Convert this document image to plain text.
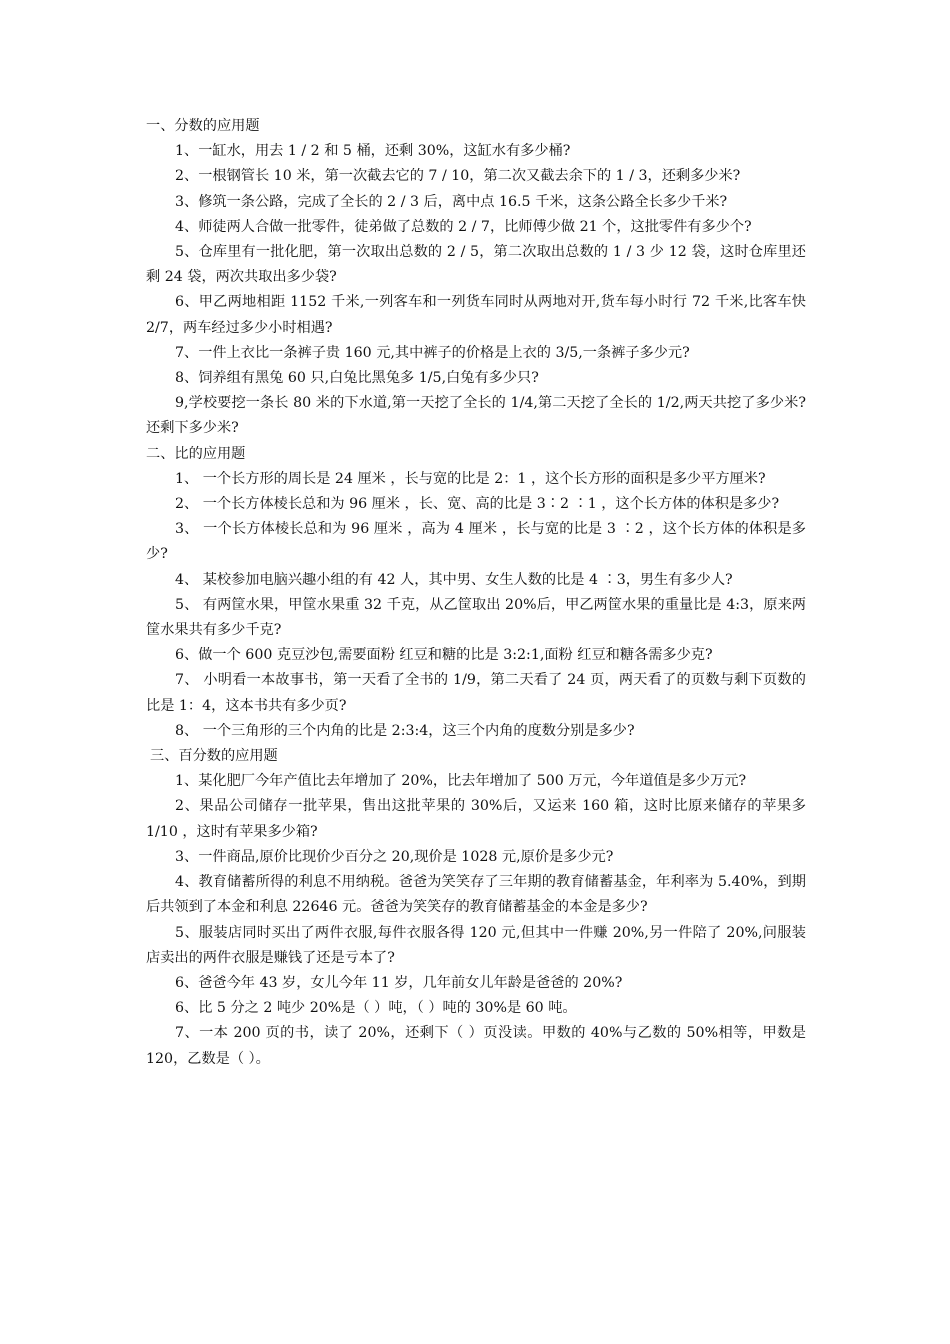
一、分数的应用题

1、一缸水，用去 1 / 2 和 5 桶，还剩 30%，这缸水有多少桶?

2、一根钢管长 10 米，第一次截去它的 7 / 10，第二次又截去余下的 1 / 3，还剩多少米?

3、修筑一条公路，完成了全长的 2 / 3 后，离中点 16.5 千米，这条公路全长多少千米?

4、师徒两人合做一批零件，徒弟做了总数的 2 / 7，比师傅少做 21 个，这批零件有多少个?

5、仓库里有一批化肥，第一次取出总数的 2 / 5，第二次取出总数的 1 / 3 少 12 袋，这时仓库里还剩 24 袋，两次共取出多少袋?

6、甲乙两地相距 1152 千米,一列客车和一列货车同时从两地对开,货车每小时行 72 千米,比客车快 2/7，两车经过多少小时相遇?

7、一件上衣比一条裤子贵 160 元,其中裤子的价格是上衣的 3/5,一条裤子多少元?

8、饲养组有黑兔 60 只,白兔比黑兔多 1/5,白兔有多少只?

9,学校要挖一条长 80 米的下水道,第一天挖了全长的 1/4,第二天挖了全长的 1/2,两天共挖了多少米?还剩下多少米?

二、比的应用题

1、 一个长方形的周长是 24 厘米 ，长与宽的比是 2：1 ，这个长方形的面积是多少平方厘米?

2、 一个长方体棱长总和为 96 厘米 ，长、宽、高的比是 3∶2 ∶1 ，这个长方体的体积是多少?

3、 一个长方体棱长总和为 96 厘米 ，高为 4 厘米 ，长与宽的比是 3 ∶2 ，这个长方体的体积是多少?

4、 某校参加电脑兴趣小组的有 42 人，其中男、女生人数的比是 4 ∶3，男生有多少人?

5、 有两筐水果，甲筐水果重 32 千克，从乙筐取出 20%后，甲乙两筐水果的重量比是 4:3，原来两筐水果共有多少千克?

6、做一个 600 克豆沙包,需要面粉 红豆和糖的比是 3:2:1,面粉 红豆和糖各需多少克?

7、 小明看一本故事书，第一天看了全书的 1/9，第二天看了 24 页，两天看了的页数与剩下页数的比是 1：4，这本书共有多少页?

8、 一个三角形的三个内角的比是 2:3:4，这三个内角的度数分别是多少?

三、百分数的应用题

1、某化肥厂今年产值比去年增加了 20%，比去年增加了 500 万元，今年道值是多少万元?

2、果品公司储存一批苹果，售出这批苹果的 30%后，又运来 160 箱，这时比原来储存的苹果多 1/10 ，这时有苹果多少箱?

3、一件商品,原价比现价少百分之 20,现价是 1028 元,原价是多少元?

4、教育储蓄所得的利息不用纳税。爸爸为笑笑存了三年期的教育储蓄基金，年利率为 5.40%，到期后共领到了本金和利息 22646 元。爸爸为笑笑存的教育储蓄基金的本金是多少?

5、服装店同时买出了两件衣服,每件衣服各得 120 元,但其中一件赚 20%,另一件陪了 20%,问服装店卖出的两件衣服是赚钱了还是亏本了?

6、爸爸今年 43 岁，女儿今年 11 岁，几年前女儿年龄是爸爸的 20%?

6、比 5 分之 2 吨少 20%是（ ）吨，（ ）吨的 30%是 60 吨。

7、一本 200 页的书，读了 20%，还剩下（ ）页没读。甲数的 40%与乙数的 50%相等，甲数是 120，乙数是（ ）。
